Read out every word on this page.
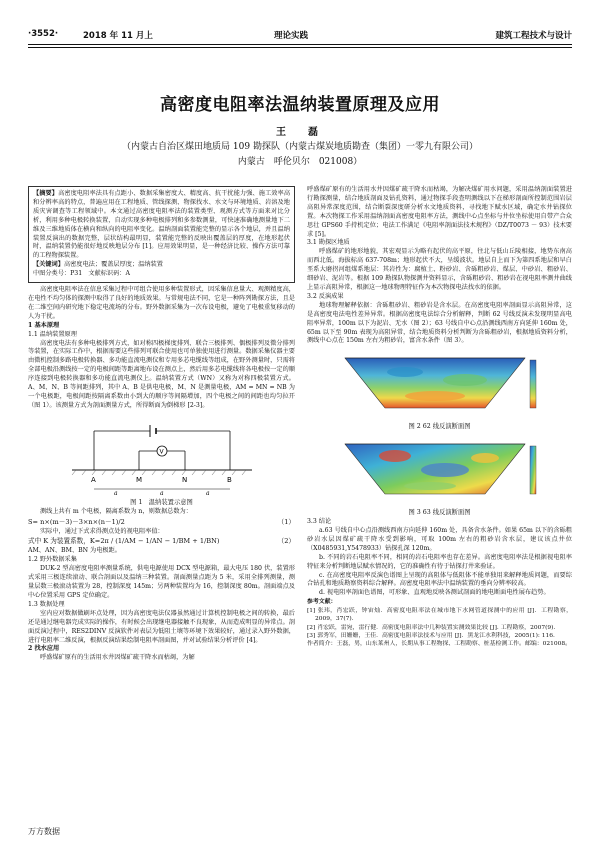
·3552·	2018 年 11 月上	理论实践	建筑工程技术与设计
高密度电阻率法温纳装置原理及应用
王　磊
（内蒙古自治区煤田地质局 109 勘探队（内蒙古煤炭地质勘查（集团）一零九有限公司）
内蒙古　呼伦贝尔　021008）

【摘要】高密度电阻率法具有点距小、数据采集密度大、精度高、抗干扰能力强、施工效率高和分辨率高的特点，普遍应用在工程地质、管线探测、物探找水、水文与环境地质、岩溶及地质灾害调查等工程领域中。本文通过高密度电阻率法的装置类型、观测方式等方面来对比分析，利用多种电极转换装置，自动实现多种电极排列和多参数测量，可快速准确地测量地下二维及三维地质体在横向和纵向的电阻率变化。温纳剖面装置能完整的显示各个地层，并且温纳装置反演出的数据完整，层状结构最明显，装置能完整的反映出覆盖层的厚度，在地形起伏时，温纳装置仍能很好地反映地层分布 [1]。应用效果明显，是一种经济比较、操作方法可靠的工程物探装置。

【关键词】高密度电法；覆盖层厚度；温纳装置

中图分类号：P31　文献标识码：A

高密度电阻率法在信息采集过程中可组合使用多种装置形式，因采集信息量大、观测精度高，在电性不均匀体的探测中取得了良好的地质效果。与常规电法不同，它是一种阵列勘探方法，且是在二维空间内研究地下稳定电流场的分布。野外数据采集为一次布设电极，避免了电极重复移动的人为干扰。

1 基本原理

1.1 温纳装置原理

高密度电法有多种电极排列方式，如对称四极梯度排列、联合三极排列、偶极排列及微分排列等装置，在实际工作中，根据需要这些排列可联合使用也可单独使用进行测量。数据采集仪器主要由微机控制多路电极转换器、多功能直流电测仪和专用多芯电缆线等组成，在野外测量时，只需将全部电极沿测线按一定的电极间距等距离地布设在测点上，然后用多芯电缆线将各电极按一定的顺序连接到电极转换器和多功能直流电测仪上。温纳装置方式（WN）又称为对称四极装置方式。A、M、N、B 等间距排列，其中 A、B 是供电电极，M、N 是测量电极，AM = MN = NB 为一个电极距，电极间距按隔离系数由小到大的顺序等间隔增加，四个电极之间的间距也均匀拉开（图 1）。该测量方式为剖面测量方式，所得断面为倒梯形 [2-3]。

V
A	M	N	B
a	a	a

图 1　温纳装置示意图

测线上共有 m 个电极，隔离系数为 n，则数据总数为：

S= n×(m－3)－3×n×(n－1)/2	（1）

实际中，通过下式求得测点处的视电阻率值：

式中 K 为装置系数，K=2π / (1/AM − 1/AN − 1/BM + 1/BN)	（2）

AM、AN、BM、BN 为电极距。

1.2 野外数据采集

DUK-2 型高密度电阻率测量系统，供电电源使用 DCX 型电源箱，最大电压 180 伏，装置形式采用三极连续滚动、联合剖面以及温纳三种装置。剖面测量点距为 5 米，采用全排列测量，测量层数三极滚动装置为 28，控制深度 145m；另两种装置均为 16，控制深度 80m。剖面端点及中心位置采用 GPS 定位确定。

1.3 数据处理

室内应对数据做刷坏点处理，因为高密度电法仪器虽然通过计算机控制电极之间的转换，最后还是通过继电器完成实际的操作，有时候会出现继电器接触不良现象，从而造成明显的异常点。剖面反演过程中，RES2DINV 反演软件对表层为低阻土壤等环境下效果较好，通过录入野外数据，进行电阻率二维反演，根据反演结果绘制电阻率剖面图，并对试验结果分析评价 [4]。

2 找水应用

呼盛煤矿原有的生活用水井因煤矿疏干降水而枯竭，为解

呼盛煤矿原有的生活用水井因煤矿疏干降水而枯竭，为解决煤矿用水问题，采用温纳剖面装置进行勘探测量，结合地质剖面及钻孔资料，通过物探手段查明测线以下在梯形剖面所控制范围岩层高阻异常深度范围，结合断裂深度研分析水文地质资料，寻找地下赋水区域，确定水井钻探位置。本次物探工作采用温纳剖面高密度电阻率方法，测线中心点坐标与井位坐标使用自带产合众思壮 GPS60 手持机定位；电法工作满足《电阻率剖面法技术规程》（DZ/T0073 － 93）技术要求 [5]。

3.1 勘探区地质

呼盛煤矿的地形地貌，其宏观显示为略有起伏的高平原，往北与低山丘陵相接，地势东南高而西北低。海拔标高 637-708m；地形起伏不大，呈缓波状。地层自上而下为第四系地层和早白垩系大磨拐河组煤系地层：其岩性为：腐植土、粉砂岩、含砾粗砂岩、煤层、中砂岩、粗砂岩、细砂岩、泥岩等。根据 109 勘探队物探测井资料显示，含砾粗砂岩、粗砂岩在视电阻率测井曲线上显示高阻异常，根据这一地球物理特征作为本次物探电法找水的依据。

3.2 反演成果

地球物理解释依据：含砾粗砂岩、粗砂岩是含水层。在高密度电阻率剖面显示高阻异常，这是高密度电法电性差异异常。根据高密度电法综合分析解释，判断 62 号线反演未发现明显高电阻率异常，100m 以下为泥岩、无水（图 2）；63 号线自中心点沿测线西南方向延伸 160m 处，65m 以下至 90m 表现为高阻异常，结合地质资料分析判断为含砾粗砂岩，根据地质资料分析，测线中心点在 150m 左右为粗砂岩，富含水条件（图 3）。

图 2 62 线反演断面图

图 3 63 线反演断面图

3.3 结论

a.63 号线自中心点沿测线西南方向延伸 160m 处，具备含水条件。如果 65m 以下的含砾粗砂岩水层因煤矿疏干降水受到影响，可取 100m 左右的粗砂岩含水层，建议该点井位（X0485931,Y5478933）钻探孔深 120m。

b. 不同的岩石电阻率不同，相同的岩石电阻率也存在差异。高密度电阻率法是根据视电阻率特征来分析判断地层赋水情况的，它的准确性有待于钻探打井来验证。

c. 在高密度电阻率反演色谱图上呈现的高阻体与低阻体不能单独用来解释地质问题，而要综合钻孔和地质勘察资料综合解释。高密度电阻率法中温纳装置的垂向分辨率较高。

d. 视电阻率剖面色谱图，可形象、直观地反映各测试剖面的地电断面电性展布趋势。

参考文献：

[1] 张玮，肖宏跃，钟宙灿．高密度电阻率法在城市地下水网管道探测中的应用 [J]．工程勘察，2009，37(7).

[2] 肖宏跃，雷宛，雷行健．高密度电阻率法中几种装置实测效果比较 [J]. 工程勘察，2007(9).

[3] 郭秀军，田姗姗，王佳．高密度电阻率法技术与应用 [J]．黑龙江水利科技，2005(1): 116.

作者简介：王磊，男，山东莱州人，长期从事工程物探、工程勘察、桩基检测工作。邮编：021008。

万方数据
